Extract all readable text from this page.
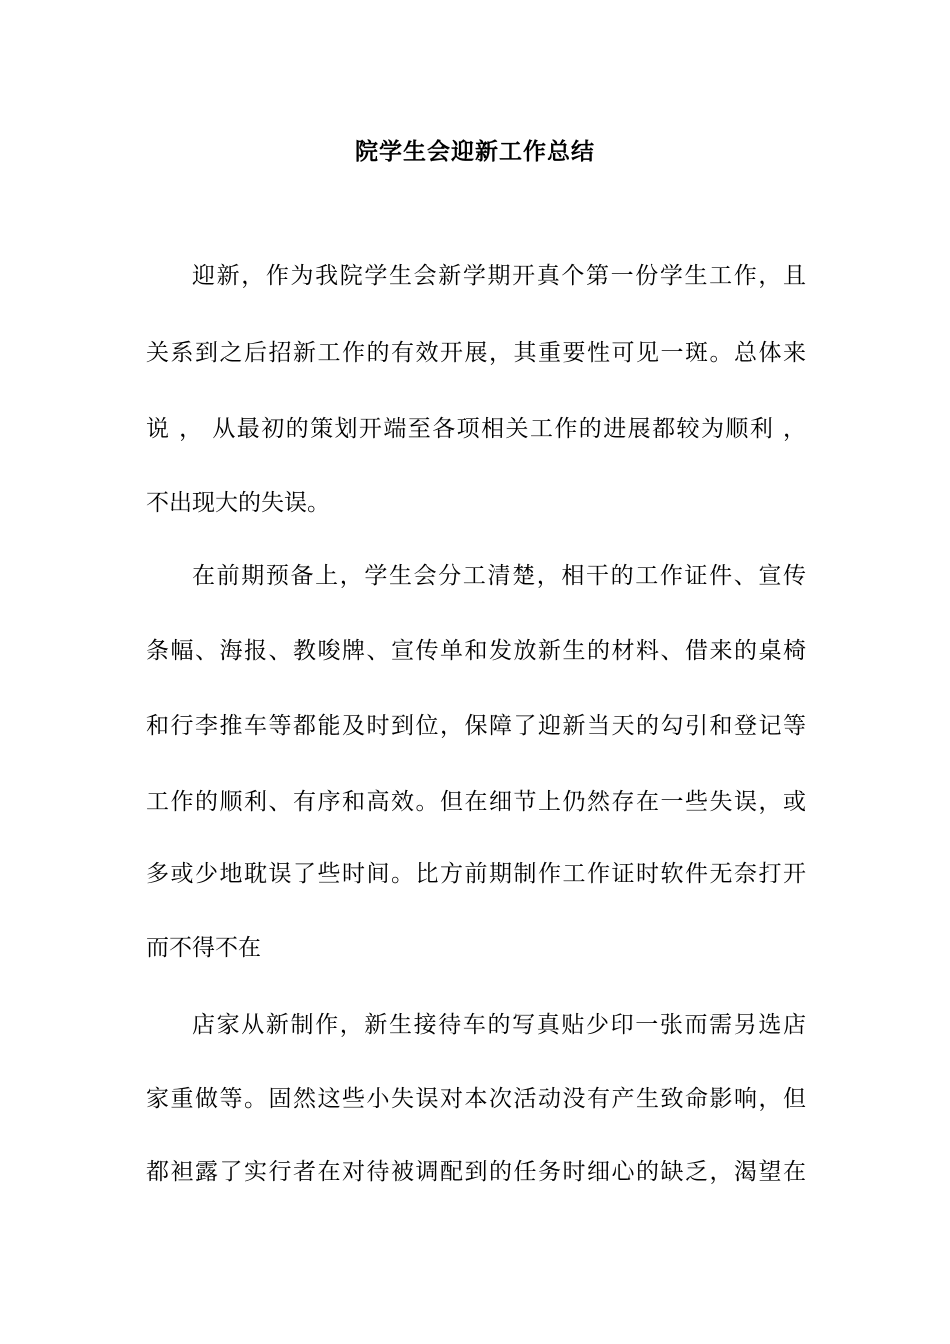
院学生会迎新工作总结
迎新，作为我院学生会新学期开真个第一份学生工作，且
关系到之后招新工作的有效开展，其重要性可见一斑。总体来
说 ， 从最初的策划开端至各项相关工作的进展都较为顺利 ，
不出现大的失误。
在前期预备上，学生会分工清楚，相干的工作证件、宣传
条幅、海报、教唆牌、宣传单和发放新生的材料、借来的桌椅
和行李推车等都能及时到位，保障了迎新当天的勾引和登记等
工作的顺利、有序和高效。但在细节上仍然存在一些失误，或
多或少地耽误了些时间。比方前期制作工作证时软件无奈打开
而不得不在
店家从新制作，新生接待车的写真贴少印一张而需另选店
家重做等。固然这些小失误对本次活动没有产生致命影响，但
都袒露了实行者在对待被调配到的任务时细心的缺乏，渴望在
